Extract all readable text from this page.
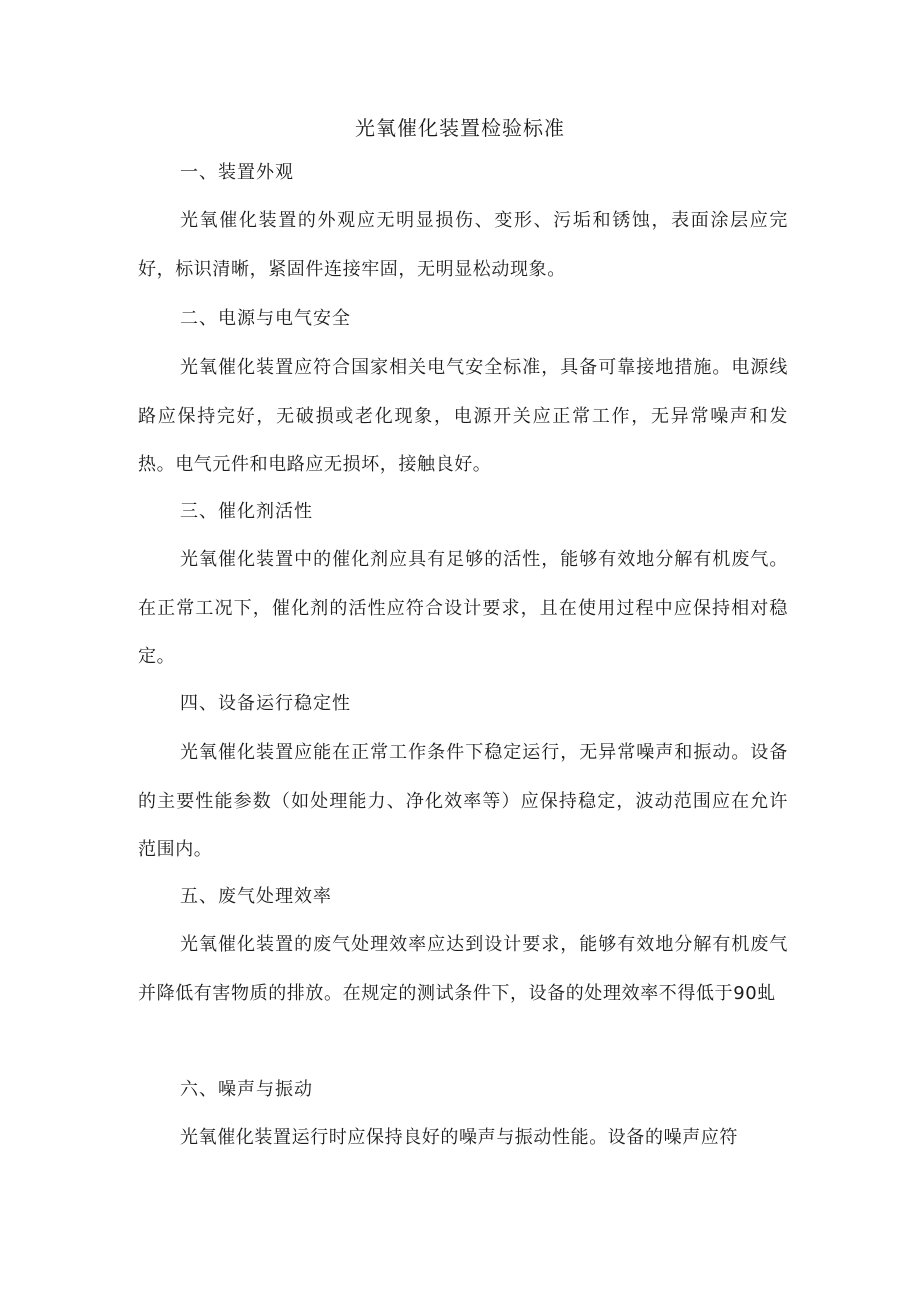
光氧催化装置检验标准
一、装置外观

光氧催化装置的外观应无明显损伤、变形、污垢和锈蚀，表面涂层应完好，标识清晰，紧固件连接牢固，无明显松动现象。

二、电源与电气安全

光氧催化装置应符合国家相关电气安全标准，具备可靠接地措施。电源线路应保持完好，无破损或老化现象，电源开关应正常工作，无异常噪声和发热。电气元件和电路应无损坏，接触良好。

三、催化剂活性

光氧催化装置中的催化剂应具有足够的活性，能够有效地分解有机废气。在正常工况下，催化剂的活性应符合设计要求，且在使用过程中应保持相对稳定。

四、设备运行稳定性

光氧催化装置应能在正常工作条件下稳定运行，无异常噪声和振动。设备的主要性能参数（如处理能力、净化效率等）应保持稳定，波动范围应在允许范围内。

五、废气处理效率

光氧催化装置的废气处理效率应达到设计要求，能够有效地分解有机废气并降低有害物质的排放。在规定的测试条件下，设备的处理效率不得低于90虬

六、噪声与振动

光氧催化装置运行时应保持良好的噪声与振动性能。设备的噪声应符
